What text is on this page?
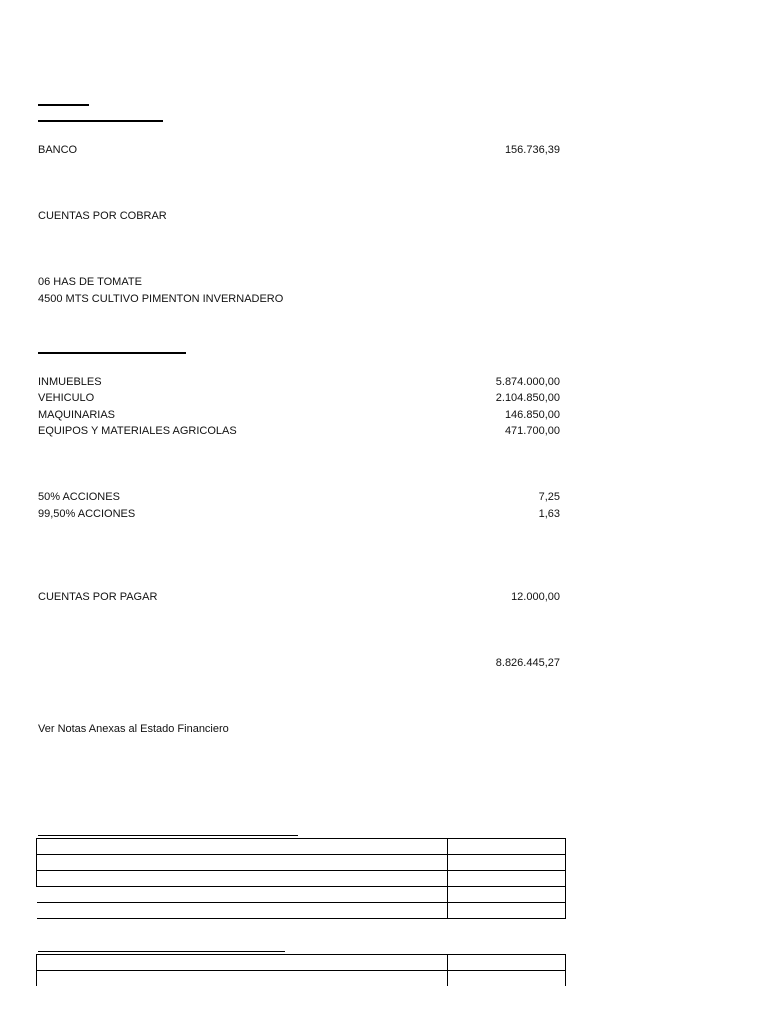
BANCO	156.736,39
CUENTAS POR COBRAR
06 HAS DE TOMATE
4500 MTS CULTIVO PIMENTON INVERNADERO
INMUEBLES	5.874.000,00
VEHICULO	2.104.850,00
MAQUINARIAS	146.850,00
EQUIPOS Y MATERIALES AGRICOLAS	471.700,00
50% ACCIONES	7,25
99,50% ACCIONES	1,63
CUENTAS POR PAGAR	12.000,00
8.826.445,27
Ver Notas Anexas al Estado Financiero
